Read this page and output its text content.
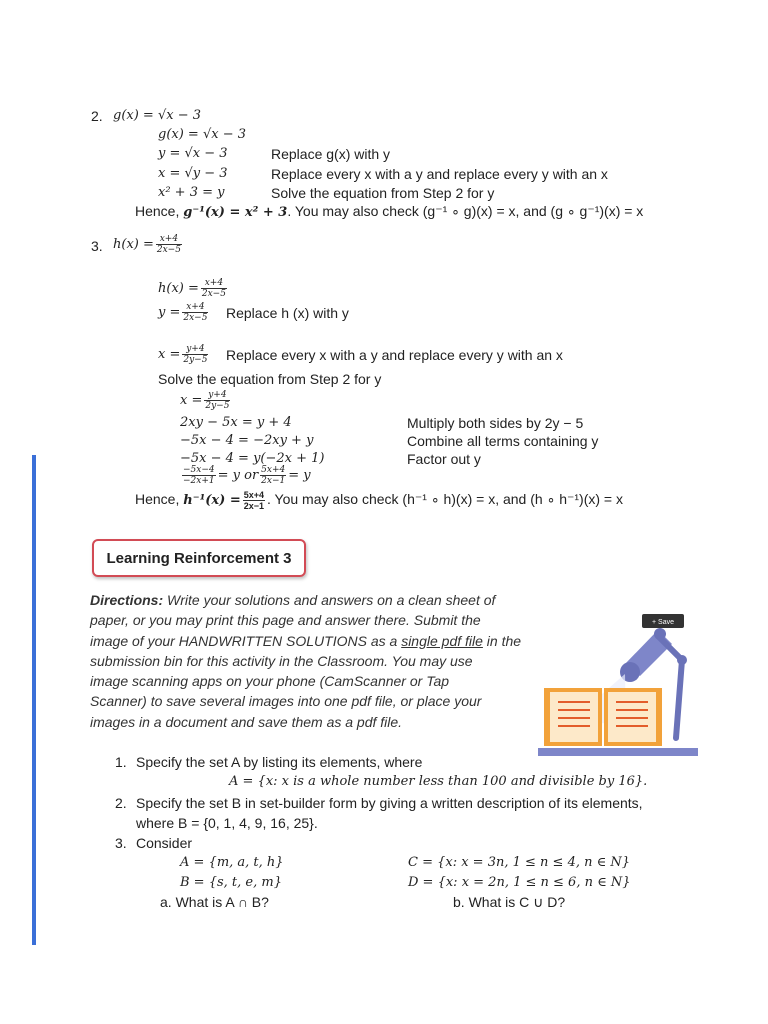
2. g(x) = √x − 3
g(x) = √x − 3
y = √x − 3	Replace g(x) with y
x = √y − 3	Replace every x with a y and replace every y with an x
x² + 3 = y	Solve the equation from Step 2 for y
Hence, g⁻¹(x) = x² + 3. You may also check (g⁻¹ ∘ g)(x) = x, and (g ∘ g⁻¹)(x) = x
3. $h(x) = \frac{x+4}{2x-5}$
$h(x) = \frac{x+4}{2x-5}$
$y = \frac{x+4}{2x-5}$ Replace h (x) with y
$x = \frac{y+4}{2y-5}$ Replace every x with a y and replace every y with an x
Solve the equation from Step 2 for y
$x = \frac{y+4}{2y-5}$
2xy − 5x = y + 4	Multiply both sides by 2y − 5
−5x − 4 = −2xy + y	Combine all terms containing y
−5x − 4 = y(−2x + 1)	Factor out y
$\frac{-5x-4}{-2x+1} = y$ or $\frac{5x+4}{2x-1} = y$
Hence, $h^{-1}(x) = \frac{5x+4}{2x-1}$ . You may also check (h⁻¹ ∘ h)(x) = x, and (h ∘ h⁻¹)(x) = x
Learning Reinforcement 3
Directions: Write your solutions and answers on a clean sheet of
paper, or you may print this page and answer there. Submit the
image of your HANDWRITTEN SOLUTIONS as a single pdf file in the
submission bin for this activity in the Classroom. You may use
image scanning apps on your phone (CamScanner or Tap
Scanner) to save several images into one pdf file, or place your
images in a document and save them as a pdf file.
+ Save
1. Specify the set A by listing its elements, where
A = {x: x is a whole number less than 100 and divisible by 16}.
2. Specify the set B in set-builder form by giving a written description of its elements,
where B = {0, 1, 4, 9, 16, 25}.
3. Consider
A = {m, a, t, h}	C = {x: x = 3n, 1 ≤ n ≤ 4, n ∈ N}
B = {s, t, e, m}	D = {x: x = 2n, 1 ≤ n ≤ 6, n ∈ N}
a. What is A ∩ B?	b. What is C ∪ D?
